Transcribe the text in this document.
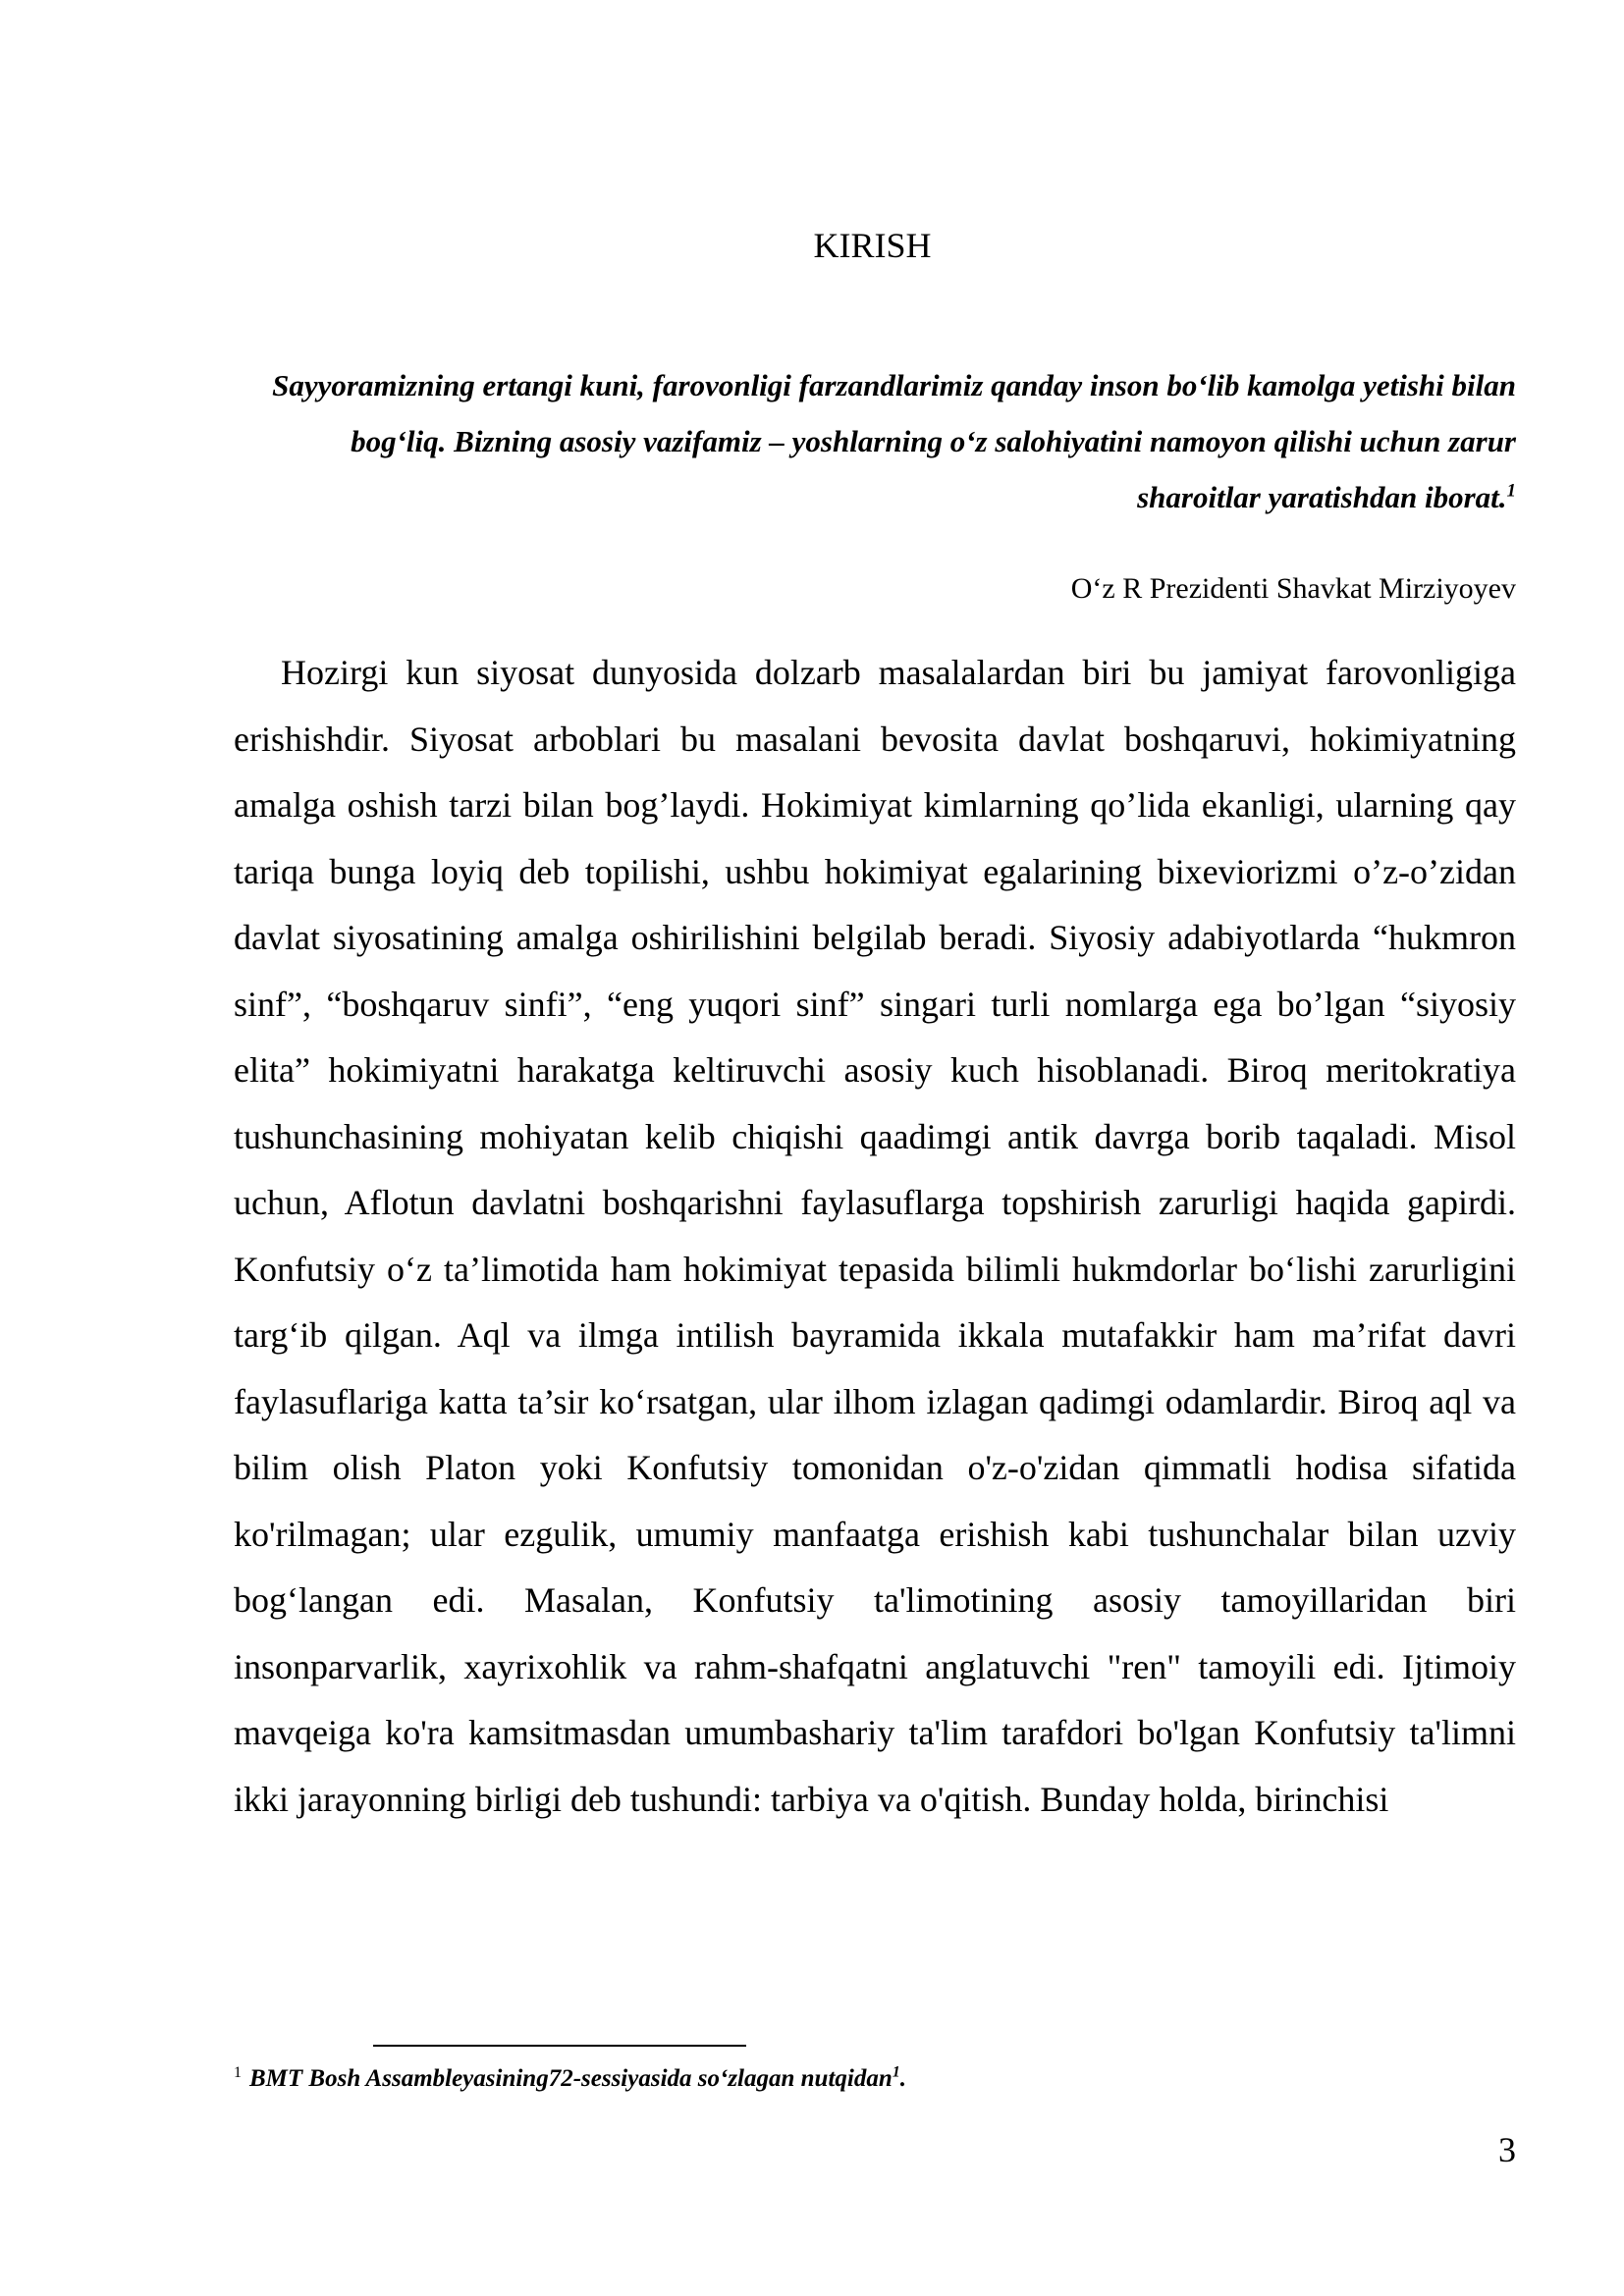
KIRISH

Sayyoramizning ertangi kuni, farovonligi farzandlarimiz qanday inson bo‘lib kamolga yetishi bilan bog‘liq. Bizning asosiy vazifamiz – yoshlarning o‘z salohiyatini namoyon qilishi uchun zarur sharoitlar yaratishdan iborat.$^1$

O‘z R Prezidenti Shavkat Mirziyoyev

Hozirgi kun siyosat dunyosida dolzarb masalalardan biri bu jamiyat farovonligiga erishishdir. Siyosat arboblari bu masalani bevosita davlat boshqaruvi, hokimiyatning amalga oshish tarzi bilan bog’laydi. Hokimiyat kimlarning qo’lida ekanligi, ularning qay tariqa bunga loyiq deb topilishi, ushbu hokimiyat egalarining bixeviorizmi o’z-o’zidan davlat siyosatining amalga oshirilishini belgilab beradi. Siyosiy adabiyotlarda “hukmron sinf”, “boshqaruv sinfi”, “eng yuqori sinf” singari turli nomlarga ega bo’lgan “siyosiy elita” hokimiyatni harakatga keltiruvchi asosiy kuch hisoblanadi. Biroq meritokratiya tushunchasining mohiyatan kelib chiqishi qaadimgi antik davrga borib taqaladi. Misol uchun, Aflotun davlatni boshqarishni faylasuflarga topshirish zarurligi haqida gapirdi. Konfutsiy o‘z ta’limotida ham hokimiyat tepasida bilimli hukmdorlar bo‘lishi zarurligini targ‘ib qilgan. Aql va ilmga intilish bayramida ikkala mutafakkir ham ma’rifat davri faylasuflariga katta ta’sir ko‘rsatgan, ular ilhom izlagan qadimgi odamlardir. Biroq aql va bilim olish Platon yoki Konfutsiy tomonidan o'z-o'zidan qimmatli hodisa sifatida ko'rilmagan; ular ezgulik, umumiy manfaatga erishish kabi tushunchalar bilan uzviy bog‘langan edi. Masalan, Konfutsiy ta'limotining asosiy tamoyillaridan biri insonparvarlik, xayrixohlik va rahm-shafqatni anglatuvchi "ren" tamoyili edi. Ijtimoiy mavqeiga ko'ra kamsitmasdan umumbashariy ta'lim tarafdori bo'lgan Konfutsiy ta'limni ikki jarayonning birligi deb tushundi: tarbiya va o'qitish. Bunday holda, birinchisi

$^1$ BMT Bosh Assambleyasining72-sessiyasida so‘zlagan nutqidan$^1$.

3
